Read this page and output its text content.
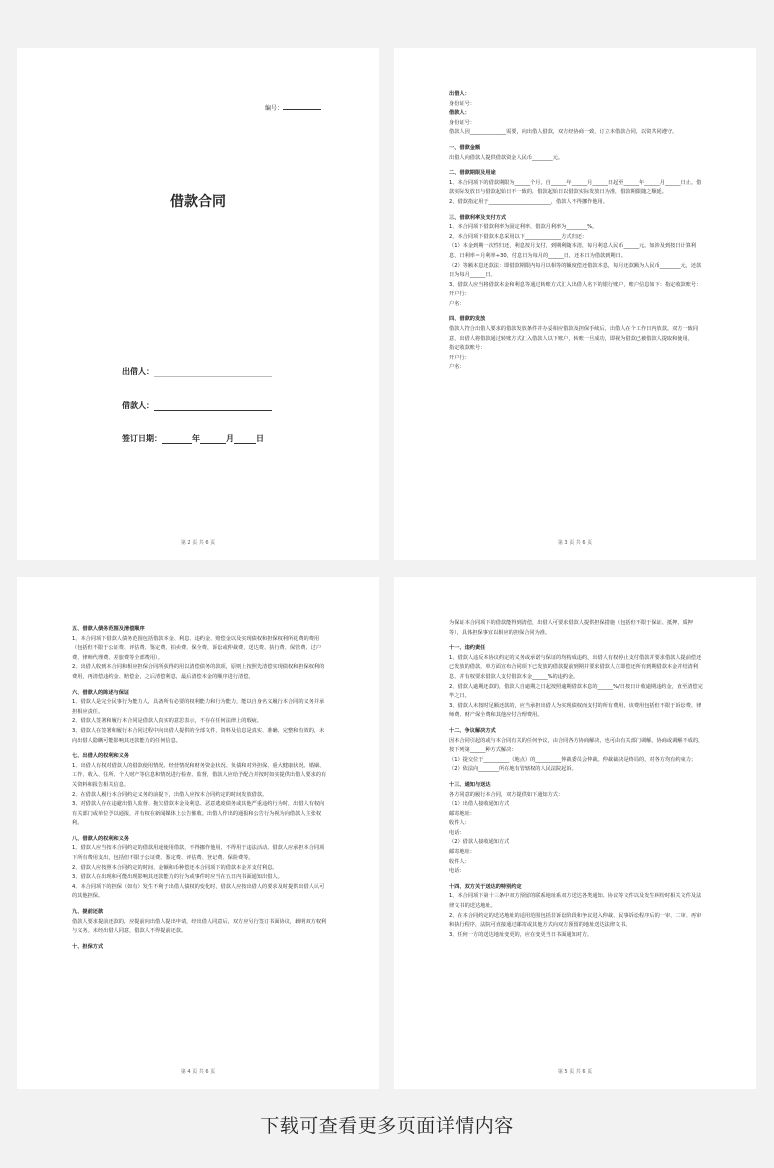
编号：
借款合同
出借人：
借款人：
签订日期：	年	月	日
第 2 页 共 6 页

出借人：

身份证号：

借款人：

身份证号：

借款人因______________需要，向出借人借款，双方经协商一致，订立本借款合同，以资共同遵守。

一、借款金额

出借人向借款人提供借款资金人民币________元。

二、借款期限及用途

1、本合同项下的借款期限为______个月，自______年______月______日起至______年______月______日止。借款实际发放日与借款起始日不一致的，借款起始日以借款实际发放日为准，借款期限随之顺延。

2、借款指定用于________________________，借款人不得挪作他用。

三、借款利率及支付方式

1、本合同项下借款利率为固定利率，借款月利率为________%。

2、本合同项下借款本息采用以下______________方式归还：

（1）本金到期一次性归还，利息按月支付，到期利随本清，每月利息人民币______元。如涉及到按日计算利息，日利率＝月利率÷30，付息日为每月的______日，还本日为借款到期日。

（2）等额本息还款法：即借款期限内每月以相等的额度偿还借款本息，每月还款额为人民币________元，还款日为每月______日。

3、借款人应当将借款本金和利息等通过转账方式汇入出借人名下的银行账户，账户信息如下：指定收款账号：

开户行：

户名：

四、借款的发放

借款人符合出借人要求的借款发放条件并办妥相应借款及担保手续后，出借人在个工作日内放款。双方一致同意，出借人将借款通过转账方式汇入借款人以下账户，转账一旦成功，即视为借款已被借款人提取和使用。

指定收款账号：

开户行：

户名：

第 3 页 共 6 页

五、借款人债务范围及清偿顺序

1、本合同项下借款人债务范围包括借款本金、利息、违约金、赔偿金以及实现债权和担保权利所花费的费用（包括但不限于公证费、评估费、鉴定费、拍卖费、保全费、诉讼或仲裁费、送达费、执行费、保管费、过户费、律师代理费、差旅费等全部费用）。

2、出借人收到本合同和相应担保合同所获得的用以清偿债务的款项，原则上按照先清偿实现债权和担保权利的费用，再清偿违约金、赔偿金，之后清偿利息，最后清偿本金的顺序进行清偿。

六、借款人的陈述与保证

1、借款人是完全民事行为能力人，具备所有必要的权利能力和行为能力，能以自身名义履行本合同的义务并承担相应责任。

2、借款人签署和履行本合同是借款人真实的意思表示，不存在任何法律上的瑕疵。

3、借款人在签署和履行本合同过程中向出借人提供的全部文件、资料及信息是真实、准确、完整和有效的，未向出借人隐瞒可能影响其还款能力的任何信息。

七、出借人的权利和义务

1、出借人有权对借款人的借款使用情况、经营情况和财务资金状况、负债和对外担保、重大健康状况、婚姻、工作、收入、住所、个人财产等信息和情况进行检查、监督，借款人应给予配合并按时如实提供出借人要求的有关资料和报告相关信息。

2、在借款人履行本合同约定义务的前提下，出借人应按本合同约定的时间发放借款。

3、对借款人存在违避出借人监督、拖欠借款本金及利息、恶意逃废债务或其他严重违约行为时，出借人有权向有关部门或单位予以通报，并有权在新闻媒体上公告催收。出借人作出的通报和公告行为视为向借款人主张权利。

八、借款人的权利和义务

1、借款人应当按本合同约定的借款用途使用借款，不得挪作他用，不得用于违法活动。借款人应承担本合同项下所有费用支出，包括但不限于公证费、鉴定费、评估费、登记费、保险费等。

2、借款人应按照本合同约定的时间、金额和币种偿还本合同项下的借款本金并支付利息。

3、借款人在出现和可能出现影响其还款能力的行为或事件时应当在五日内书面通知出借人。

4、本合同项下的担保（如有）发生不利于出借人债权的变化时，借款人应按出借人的要求及时提供出借人认可的其他担保。

九、提前还款

借款人要求提前还款的，应提前向出借人提出申请，经出借人同意后，双方应另行签订书面协议，载明双方权利与义务。未经出借人同意，借款人不得提前还款。

十、担保方式

第 4 页 共 6 页

为保证本合同项下的借款能得到清偿，出借人可要求借款人提供担保措施（包括但不限于保证、抵押、质押等），具体担保事宜以相应的担保合同为准。

十一、违约责任

1、借款人违反本协议约定的义务或承诺与保证的均构成违约，出借人有权停止支付借款并要求借款人提前偿还已发放的借款，单方面宣布合同项下已发放的借款提前到期并要求借款人立即偿还所有到期借款本金并结清利息，并有权要求借款人支付借款本金______%的违约金。

2、借款人逾期还款的，借款人自逾期之日起按照逾期借款本息的______%/日按日计收逾期违约金，直至清偿完毕之日。

3、借款人未按时足额还款的，应当承担出借人为实现债权而支付的所有费用，该费用包括但不限于诉讼费、律师费、财产保全费和其他应付合理费用。

十二、争议解决方式

因本合同引起的或与本合同有关的任何争议，由合同各方协商解决，也可由有关部门调解。协商或调解不成的，按下列第______种方式解决：

（1）提交位于__________（地点）的__________仲裁委员会仲裁。仲裁裁决是终局的，对各方均有约束力；

（2）依法向________所在地有管辖权的人民法院起诉。

十三、通知与送达

各方同意的履行本合同，双方提供如下通知方式：

（1）出借人接收通知方式

邮寄地址：

收件人：

电话：

（2）借款人接收通知方式

邮寄地址：

收件人：

电话：

十四、双方关于送达的特别约定

1、本合同项下第十三条中双方预留的联系地址系双方送达各类通知、协议等文件以及发生纠纷时相关文件及法律文书的送达地址。

2、在本合同约定的送达地址的适用范围包括非诉讼阶段和争议进入仲裁、民事诉讼程序后的一审、二审、再审和执行程序，法院可直接通过邮寄或其他方式向双方预留的地址送达法律文书。

3、任何一方的送达地址变更的，应在变更当日书面通知对方。

第 5 页 共 6 页
下载可查看更多页面详情内容
